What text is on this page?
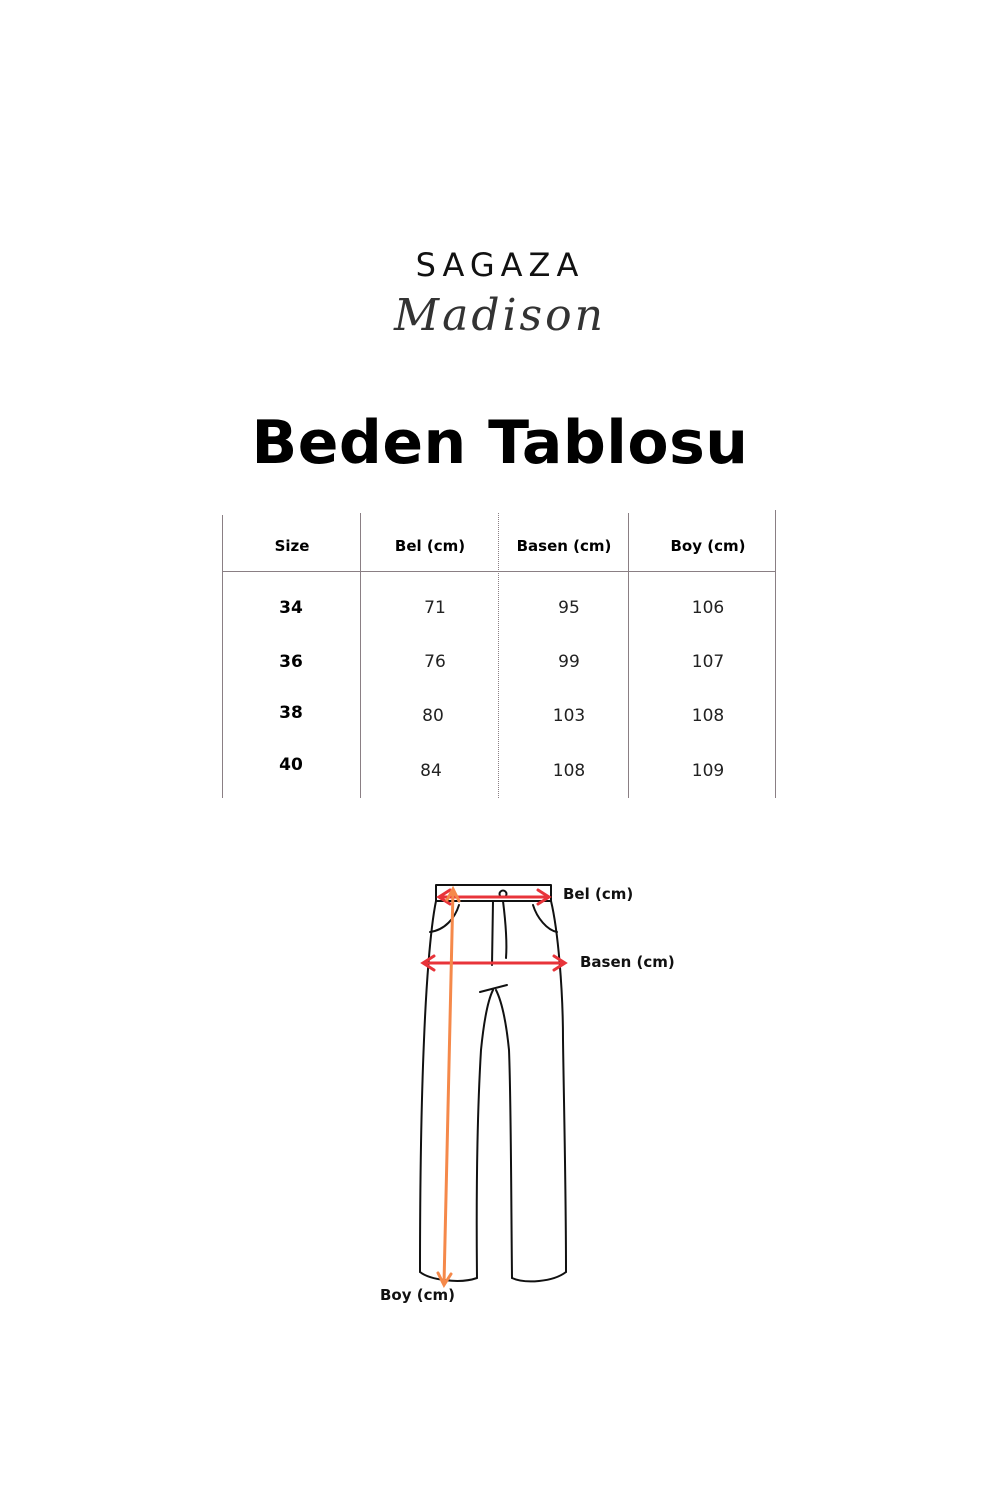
SAGAZA
Madison
Beden Tablosu
Size	Bel (cm)	Basen (cm)	Boy (cm)
34	71	95	106
36	76	99	107
38	80	103	108
40	84	108	109
Bel (cm)
Basen (cm)
Boy (cm)
